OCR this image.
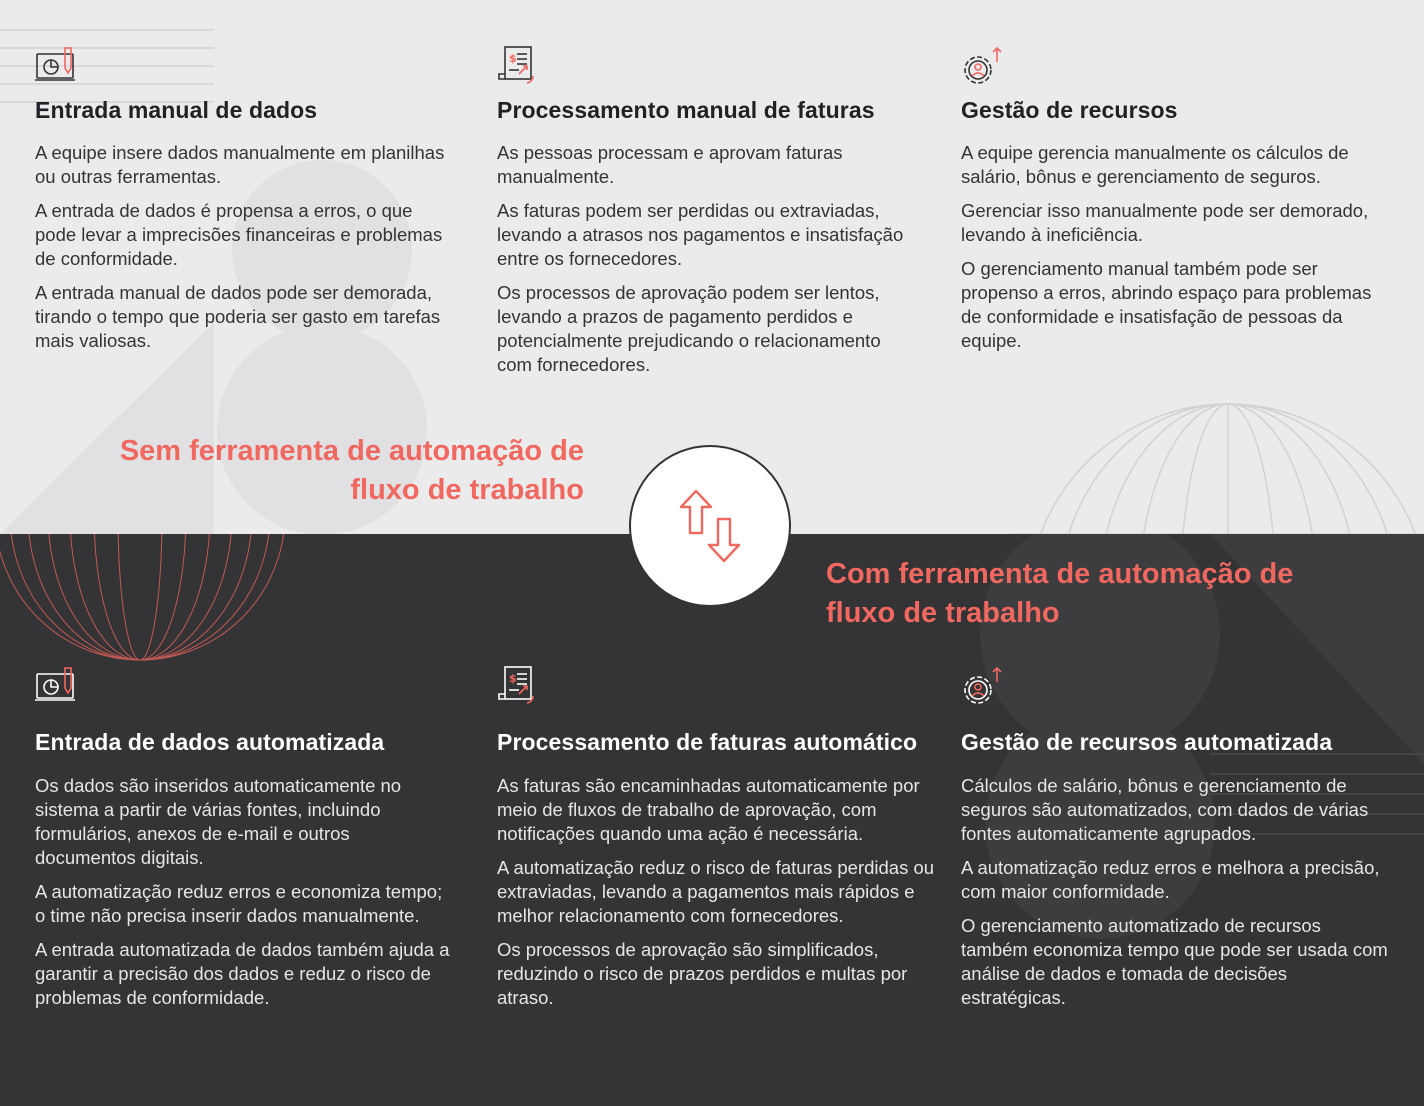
Entrada manual de dados

A equipe insere dados manualmente em planilhas ou outras ferramentas.

A entrada de dados é propensa a erros, o que pode levar a imprecisões financeiras e problemas de conformidade.

A entrada manual de dados pode ser demorada, tirando o tempo que poderia ser gasto em tarefas mais valiosas.

$
Processamento manual de faturas

As pessoas processam e aprovam faturas manualmente.

As faturas podem ser perdidas ou extraviadas, levando a atrasos nos pagamentos e insatisfação entre os fornecedores.

Os processos de aprovação podem ser lentos, levando a prazos de pagamento perdidos e potencialmente prejudicando o relacionamento com fornecedores.

Gestão de recursos

A equipe gerencia manualmente os cálculos de salário, bônus e gerenciamento de seguros.

Gerenciar isso manualmente pode ser demorado, levando à ineficiência.

O gerenciamento manual também pode ser propenso a erros, abrindo espaço para problemas de conformidade e insatisfação de pessoas da equipe.

Sem ferramenta de automação de
fluxo de trabalho
Com ferramenta de automação de
fluxo de trabalho
Entrada de dados automatizada

Os dados são inseridos automaticamente no sistema a partir de várias fontes, incluindo formulários, anexos de e-mail e outros documentos digitais.

A automatização reduz erros e economiza tempo; o time não precisa inserir dados manualmente.

A entrada automatizada de dados também ajuda a garantir a precisão dos dados e reduz o risco de problemas de conformidade.

$
Processamento de faturas automático

As faturas são encaminhadas automaticamente por meio de fluxos de trabalho de aprovação, com notificações quando uma ação é necessária.

A automatização reduz o risco de faturas perdidas ou extraviadas, levando a pagamentos mais rápidos e melhor relacionamento com fornecedores.

Os processos de aprovação são simplificados, reduzindo o risco de prazos perdidos e multas por atraso.

Gestão de recursos automatizada

Cálculos de salário, bônus e gerenciamento de seguros são automatizados, com dados de várias fontes automaticamente agrupados.

A automatização reduz erros e melhora a precisão, com maior conformidade.

O gerenciamento automatizado de recursos também economiza tempo que pode ser usada com análise de dados e tomada de decisões estratégicas.
